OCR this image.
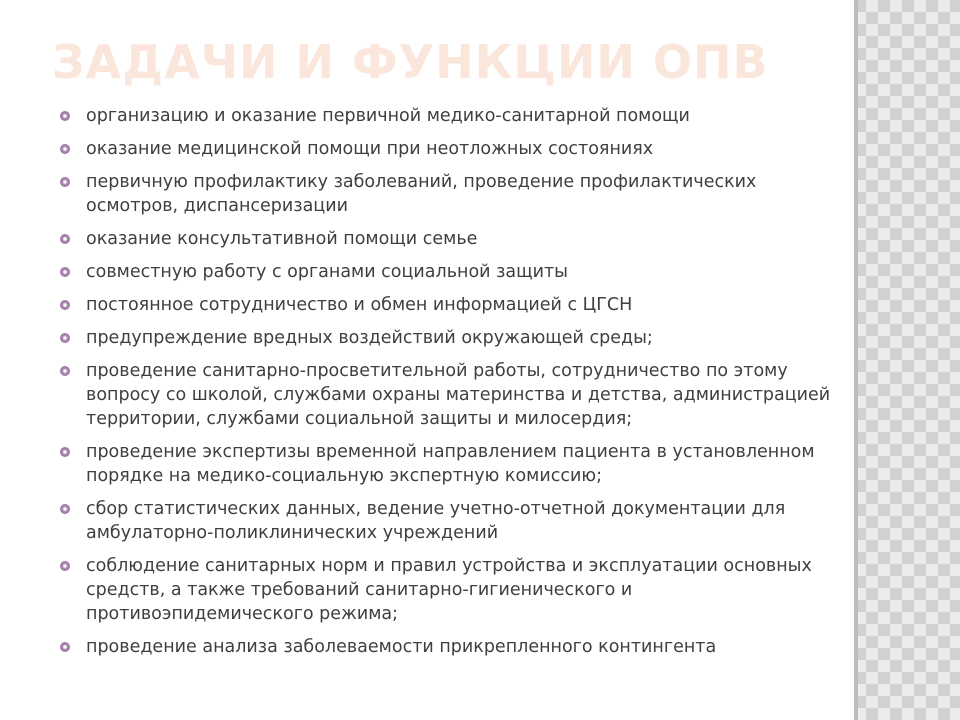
ЗАДАЧИ И ФУНКЦИИ ОПВ
организацию и оказание первичной медико-санитарной помощи
оказание медицинской помощи при неотложных состояниях
первичную профилактику заболеваний, проведение профилактических осмотров, диспансеризации
оказание консультативной помощи семье
совместную работу с органами социальной защиты
постоянное сотрудничество и обмен информацией с ЦГСН
предупреждение вредных воздействий окружающей среды;
проведение санитарно-просветительной работы, сотрудничество по этому вопросу со школой, службами охраны материнства и детства, администрацией территории, службами социальной защиты и милосердия;
проведение экспертизы временной направлением пациента в установленном порядке на медико-социальную экспертную комиссию;
сбор статистических данных, ведение учетно-отчетной документации для амбулаторно-поликлинических учреждений
соблюдение санитарных норм и правил устройства и эксплуатации основных средств, а также требований санитарно-гигиенического и противоэпидемического режима;
проведение анализа заболеваемости прикрепленного контингента
